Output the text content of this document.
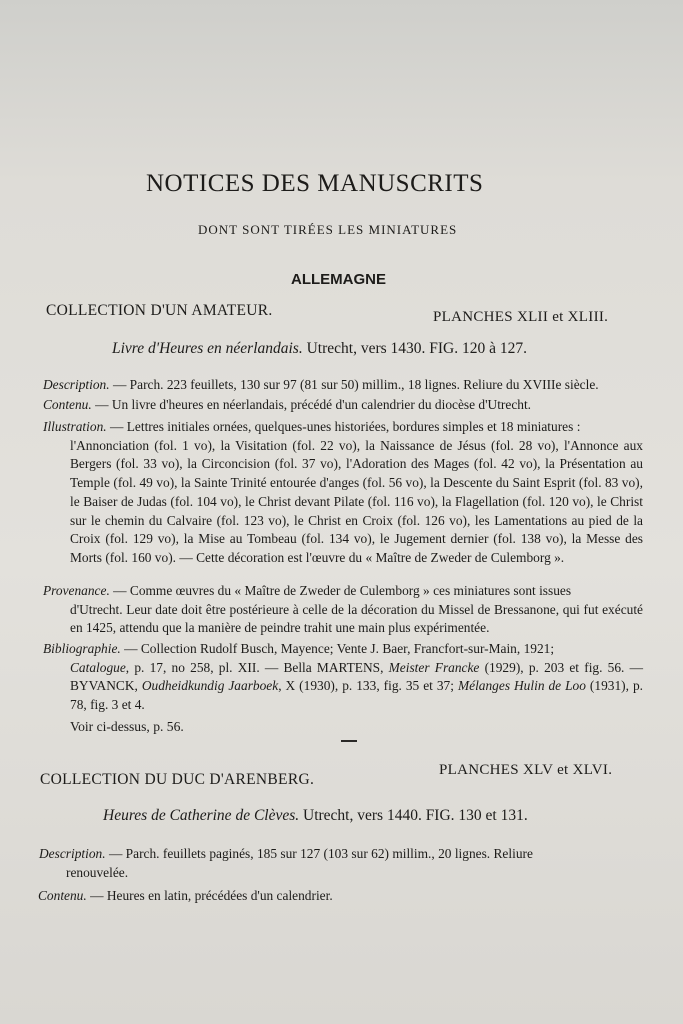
NOTICES DES MANUSCRITS
DONT SONT TIRÉES LES MINIATURES
ALLEMAGNE
COLLECTION D'UN AMATEUR.	PLANCHES XLII et XLIII.
Livre d'Heures en néerlandais. Utrecht, vers 1430. FIG. 120 à 127.
Description. — Parch. 223 feuillets, 130 sur 97 (81 sur 50) millim., 18 lignes. Reliure du XVIIIe siècle.
Contenu. — Un livre d'heures en néerlandais, précédé d'un calendrier du diocèse d'Utrecht.
Illustration. — Lettres initiales ornées, quelques-unes historiées, bordures simples et 18 miniatures :
l'Annonciation (fol. 1 vo), la Visitation (fol. 22 vo), la Naissance de Jésus (fol. 28 vo), l'Annonce aux Bergers (fol. 33 vo), la Circoncision (fol. 37 vo), l'Adoration des Mages (fol. 42 vo), la Présentation au Temple (fol. 49 vo), la Sainte Trinité entourée d'anges (fol. 56 vo), la Descente du Saint Esprit (fol. 83 vo), le Baiser de Judas (fol. 104 vo), le Christ devant Pilate (fol. 116 vo), la Flagellation (fol. 120 vo), le Christ sur le chemin du Calvaire (fol. 123 vo), le Christ en Croix (fol. 126 vo), les Lamentations au pied de la Croix (fol. 129 vo), la Mise au Tombeau (fol. 134 vo), le Jugement dernier (fol. 138 vo), la Messe des Morts (fol. 160 vo). — Cette décoration est l'œuvre du « Maître de Zweder de Culemborg ».
Provenance. — Comme œuvres du « Maître de Zweder de Culemborg » ces miniatures sont issues
d'Utrecht. Leur date doit être postérieure à celle de la décoration du Missel de Bressanone, qui fut exécuté en 1425, attendu que la manière de peindre trahit une main plus expérimentée.
Bibliographie. — Collection Rudolf Busch, Mayence; Vente J. Baer, Francfort-sur-Main, 1921;
Catalogue, p. 17, no 258, pl. XII. — Bella MARTENS, Meister Francke (1929), p. 203 et fig. 56. — BYVANCK, Oudheidkundig Jaarboek, X (1930), p. 133, fig. 35 et 37; Mélanges Hulin de Loo (1931), p. 78, fig. 3 et 4.
Voir ci-dessus, p. 56.
COLLECTION DU DUC D'ARENBERG.
PLANCHES XLV et XLVI.
Heures de Catherine de Clèves. Utrecht, vers 1440. FIG. 130 et 131.
Description. — Parch. feuillets paginés, 185 sur 127 (103 sur 62) millim., 20 lignes. Reliure
renouvelée.
Contenu. — Heures en latin, précédées d'un calendrier.
